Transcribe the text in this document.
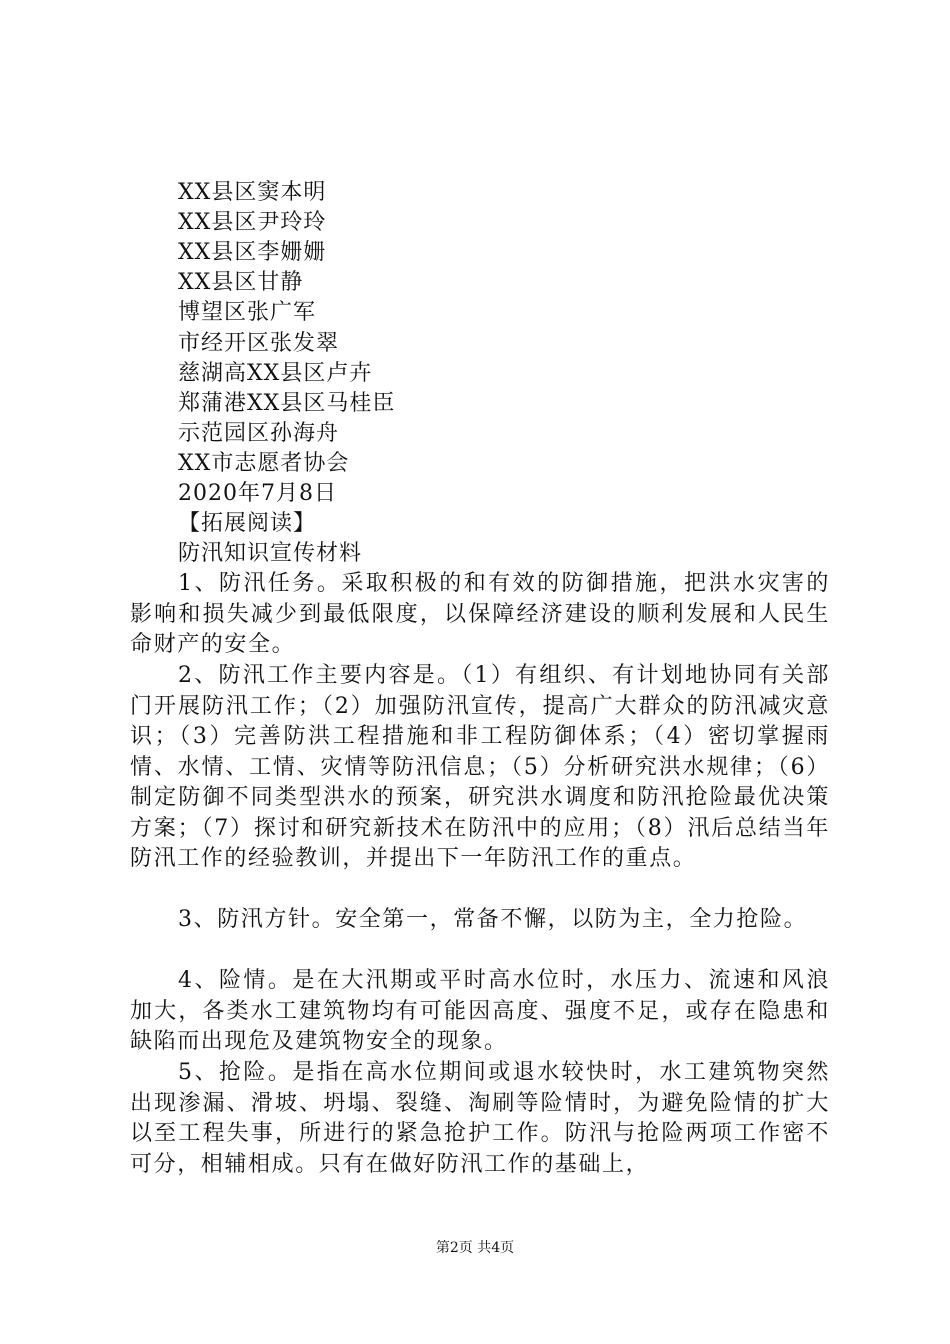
XX县区窦本明
XX县区尹玲玲
XX县区李姗姗
XX县区甘静
博望区张广军
市经开区张发翠
慈湖高XX县区卢卉
郑蒲港XX县区马桂臣
示范园区孙海舟
XX市志愿者协会
2020年7月8日
【拓展阅读】
防汛知识宣传材料

1、防汛任务。采取积极的和有效的防御措施，把洪水灾害的影响和损失减少到最低限度，以保障经济建设的顺利发展和人民生命财产的安全。

2、防汛工作主要内容是。（1）有组织、有计划地协同有关部门开展防汛工作；（2）加强防汛宣传，提高广大群众的防汛减灾意识；（3）完善防洪工程措施和非工程防御体系；（4）密切掌握雨情、水情、工情、灾情等防汛信息；（5）分析研究洪水规律；（6）制定防御不同类型洪水的预案，研究洪水调度和防汛抢险最优决策方案；（7）探讨和研究新技术在防汛中的应用；（8）汛后总结当年防汛工作的经验教训，并提出下一年防汛工作的重点。

3、防汛方针。安全第一，常备不懈，以防为主，全力抢险。

4、险情。是在大汛期或平时高水位时，水压力、流速和风浪加大，各类水工建筑物均有可能因高度、强度不足，或存在隐患和缺陷而出现危及建筑物安全的现象。

5、抢险。是指在高水位期间或退水较快时，水工建筑物突然出现渗漏、滑坡、坍塌、裂缝、淘刷等险情时，为避免险情的扩大以至工程失事，所进行的紧急抢护工作。防汛与抢险两项工作密不可分，相辅相成。只有在做好防汛工作的基础上，

第2页 共4页
